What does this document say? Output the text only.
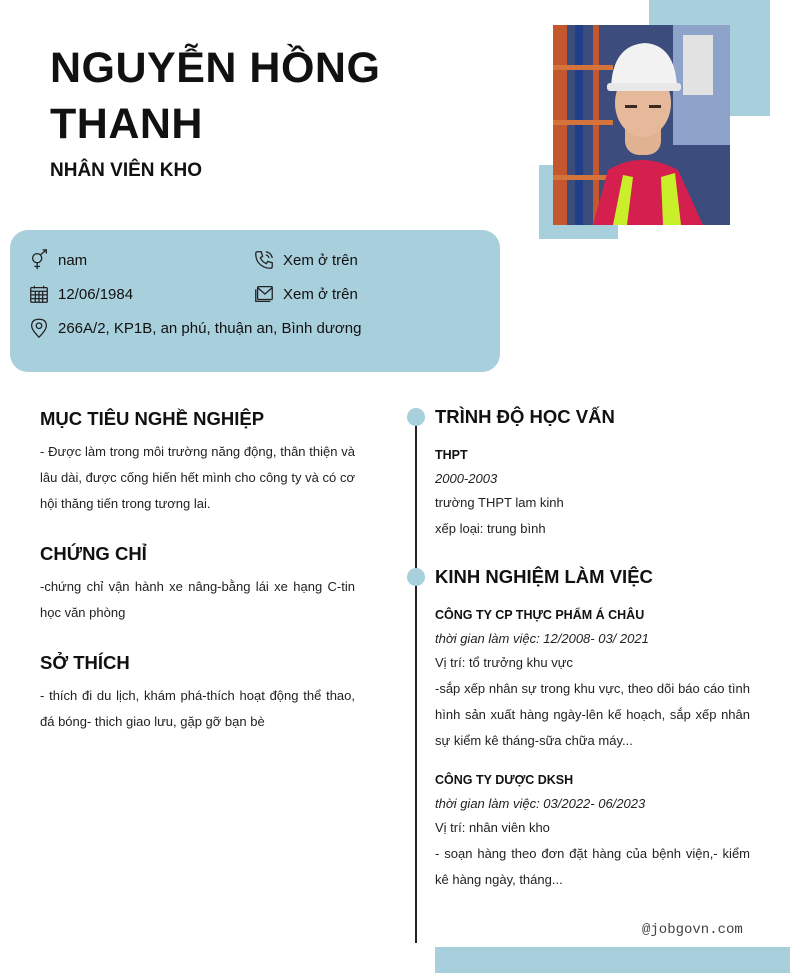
NGUYỄN HỒNG THANH
NHÂN VIÊN KHO
nam	Xem ở trên
12/06/1984	Xem ở trên
266A/2, KP1B, an phú, thuận an, Bình dương
MỤC TIÊU NGHỀ NGHIỆP
- Được làm trong môi trường năng động, thân thiện và lâu dài, được cống hiến hết mình cho công ty và có cơ hội thăng tiến trong tương lai.
CHỨNG CHỈ
-chứng chỉ vận hành xe nâng-bằng lái xe hạng C-tin học văn phòng
SỞ THÍCH
- thích đi du lịch, khám phá-thích hoạt động thể thao, đá bóng- thich giao lưu, gặp gỡ bạn bè
TRÌNH ĐỘ HỌC VẤN
THPT
2000-2003
trường THPT lam kinh
xếp loại: trung bình
KINH NGHIỆM LÀM VIỆC
CÔNG TY CP THỰC PHẨM Á CHÂU
thời gian làm việc: 12/2008- 03/ 2021
Vị trí: tổ trưởng khu vực
-sắp xếp nhân sự trong khu vực, theo dõi báo cáo tình hình sản xuất hàng ngày-lên kế hoạch, sắp xếp nhân sự kiểm kê tháng-sữa chữa máy...
CÔNG TY DƯỢC DKSH
thời gian làm việc: 03/2022- 06/2023
Vị trí: nhân viên kho
- soạn hàng theo đơn đặt hàng của bệnh viện,- kiểm kê hàng ngày, tháng...
@jobgovn.com
